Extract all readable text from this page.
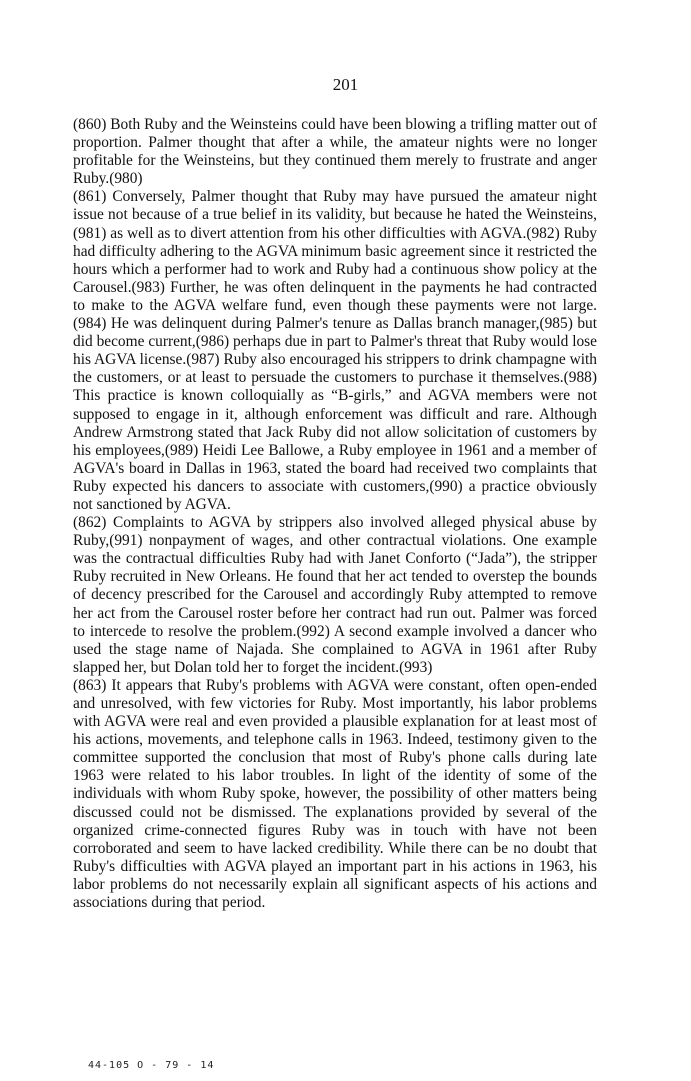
201

(860) Both Ruby and the Weinsteins could have been blowing a trifling matter out of proportion. Palmer thought that after a while, the amateur nights were no longer profitable for the Weinsteins, but they continued them merely to frustrate and anger Ruby.(980)

(861) Conversely, Palmer thought that Ruby may have pursued the amateur night issue not because of a true belief in its validity, but because he hated the Weinsteins,(981) as well as to divert attention from his other difficulties with AGVA.(982) Ruby had difficulty adhering to the AGVA minimum basic agreement since it restricted the hours which a performer had to work and Ruby had a continuous show policy at the Carousel.(983) Further, he was often delinquent in the payments he had contracted to make to the AGVA welfare fund, even though these payments were not large.(984) He was delinquent during Palmer's tenure as Dallas branch manager,(985) but did become current,(986) perhaps due in part to Palmer's threat that Ruby would lose his AGVA license.(987) Ruby also encouraged his strippers to drink champagne with the customers, or at least to persuade the customers to purchase it themselves.(988) This practice is known colloquially as “B-girls,” and AGVA members were not supposed to engage in it, although enforcement was difficult and rare. Although Andrew Armstrong stated that Jack Ruby did not allow solicitation of customers by his employees,(989) Heidi Lee Ballowe, a Ruby employee in 1961 and a member of AGVA's board in Dallas in 1963, stated the board had received two complaints that Ruby expected his dancers to associate with customers,(990) a practice obviously not sanctioned by AGVA.

(862) Complaints to AGVA by strippers also involved alleged physical abuse by Ruby,(991) nonpayment of wages, and other contractual violations. One example was the contractual difficulties Ruby had with Janet Conforto (“Jada”), the stripper Ruby recruited in New Orleans. He found that her act tended to overstep the bounds of decency prescribed for the Carousel and accordingly Ruby attempted to remove her act from the Carousel roster before her contract had run out. Palmer was forced to intercede to resolve the problem.(992) A second example involved a dancer who used the stage name of Najada. She complained to AGVA in 1961 after Ruby slapped her, but Dolan told her to forget the incident.(993)

(863) It appears that Ruby's problems with AGVA were constant, often open-ended and unresolved, with few victories for Ruby. Most importantly, his labor problems with AGVA were real and even provided a plausible explanation for at least most of his actions, movements, and telephone calls in 1963. Indeed, testimony given to the committee supported the conclusion that most of Ruby's phone calls during late 1963 were related to his labor troubles. In light of the identity of some of the individuals with whom Ruby spoke, however, the possibility of other matters being discussed could not be dismissed. The explanations provided by several of the organized crime-connected figures Ruby was in touch with have not been corroborated and seem to have lacked credibility. While there can be no doubt that Ruby's difficulties with AGVA played an important part in his actions in 1963, his labor problems do not necessarily explain all significant aspects of his actions and associations during that period.

44-105 O - 79 - 14
